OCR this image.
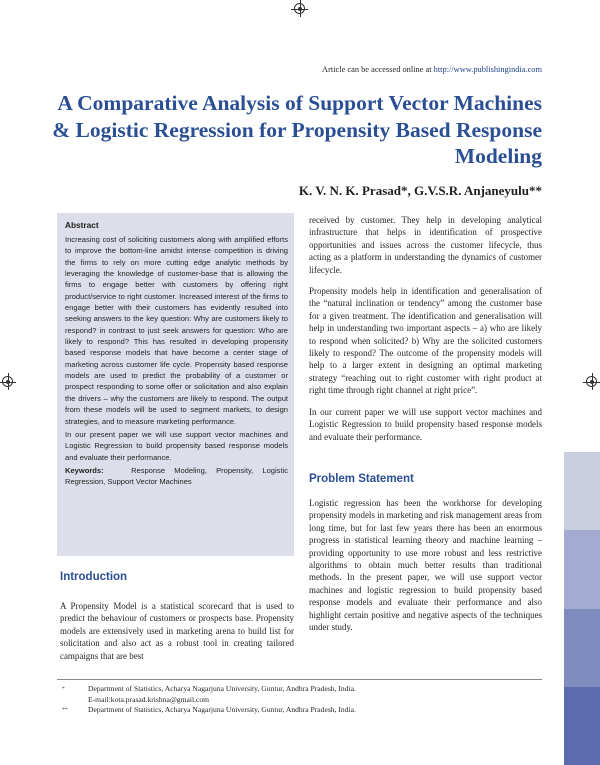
Article can be accessed online at http://www.publishingindia.com
A Comparative Analysis of Support Vector Machines & Logistic Regression for Propensity Based Response Modeling
K. V. N. K. Prasad*, G.V.S.R. Anjaneyulu**
Abstract

Increasing cost of soliciting customers along with amplified efforts to improve the bottom-line amidst intense competition is driving the firms to rely on more cutting edge analytic methods by leveraging the knowledge of customer-base that is allowing the firms to engage better with customers by offering right product/service to right customer. Increased interest of the firms to engage better with their customers has evidently resulted into seeking answers to the key question: Why are customers likely to respond? in contrast to just seek answers for question: Who are likely to respond? This has resulted in developing propensity based response models that have become a center stage of marketing across customer life cycle. Propensity based response models are used to predict the probability of a customer or prospect responding to some offer or solicitation and also explain the drivers – why the customers are likely to respond. The output from these models will be used to segment markets, to design strategies, and to measure marketing performance.

In our present paper we will use support vector machines and Logistic Regression to build propensity based response models and evaluate their performance.

Keywords:	Response Modeling, Propensity, Logistic Regression, Support Vector Machines

Introduction

A Propensity Model is a statistical scorecard that is used to predict the behaviour of customers or prospects base. Propensity models are extensively used in marketing arena to build list for solicitation and also act as a robust tool in creating tailored campaigns that are best

received by customer. They help in developing analytical infrastructure that helps in identification of prospective opportunities and issues across the customer lifecycle, thus acting as a platform in understanding the dynamics of customer lifecycle.

Propensity models help in identification and generalisation of the “natural inclination or tendency” among the customer base for a given treatment. The identification and generalisation will help in understanding two important aspects – a) who are likely to respond when solicited? b) Why are the solicited customers likely to respond? The outcome of the propensity models will help to a larger extent in designing an optimal marketing strategy “reaching out to right customer with right product at right time through right channel at right price”.

In our current paper we will use support vector machines and Logistic Regression to build propensity based response models and evaluate their performance.

Problem Statement

Logistic regression has been the workhorse for developing propensity models in marketing and risk management areas from long time, but for last few years there has been an enormous progress in statistical learning theory and machine learning – providing opportunity to use more robust and less restrictive algorithms to obtain much better results than traditional methods. In the present paper, we will use support vector machines and logistic regression to build propensity based response models and evaluate their performance and also highlight certain positive and negative aspects of the techniques under study.

*	Department of Statistics, Acharya Nagarjuna University, Guntur, Andhra Pradesh, India.
E-mail:kota.prasad.krishna@gmail.com
**	Department of Statistics, Acharya Nagarjuna University, Guntur, Andhra Pradesh, India.
